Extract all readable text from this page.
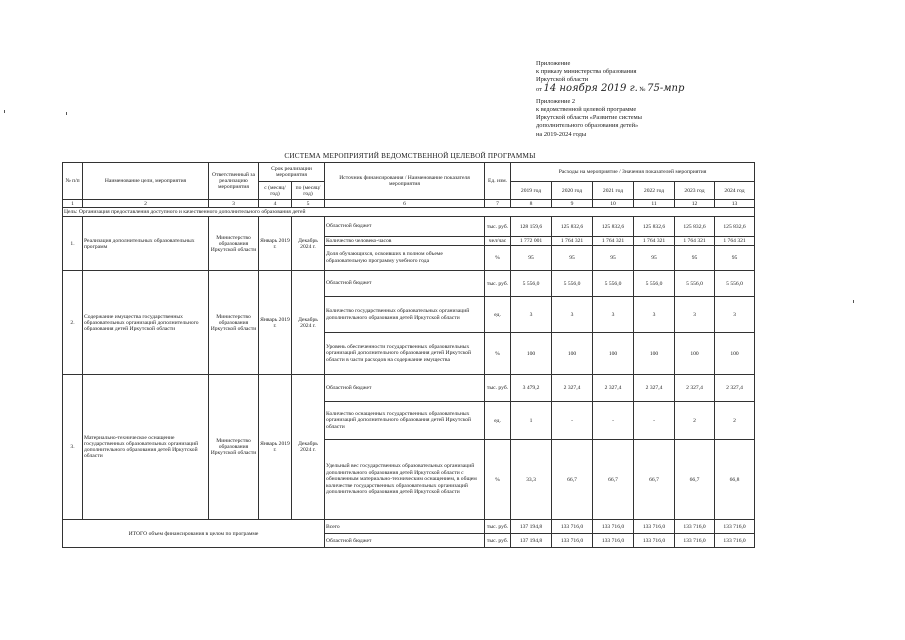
Приложение
к приказу министерства образования
Иркутской области
от 14 ноября 2019 г. № 75-мпр
Приложение 2
к ведомственной целевой программе
Иркутской области «Развитие системы
дополнительного образования детей»
на 2019-2024 годы
СИСТЕМА МЕРОПРИЯТИЙ ВЕДОМСТВЕННОЙ ЦЕЛЕВОЙ ПРОГРАММЫ
№ п/п	Наименование цели, мероприятия	Ответственный за реализацию мероприятия	Срок реализации мероприятия		Источник финансирования / Наименование показателя мероприятия	Ед. изм.	Расходы на мероприятие / Значения показателей мероприятия					
			с (месяц/ год)	по (месяц/ год)			2019 год	2020 год	2021 год	2022 год	2023 год	2024 год

1	2	3	4	5	6	7	8	9	10	11	12	13
Цель: Организация предоставления доступного и качественного дополнительного образования детей												
1.	Реализация дополнительных образовательных программ	Министерство образования Иркутской области	Январь 2019 г.	Декабрь 2024 г.	Областной бюджет	тыс. руб.	128 159,6	125 832,6	125 832,6	125 832,6	125 832,6	125 832,6
					Количество человеко-часов	чел/час	1 772 001	1 764 321	1 764 321	1 764 321	1 764 321	1 764 321
					Доля обучающихся, освоивших в полном объеме образовательную программу учебного года	%	95	95	95	95	95	95
2.	Содержание имущества государственных образовательных организаций дополнительного образования детей Иркутской области	Министерство образования Иркутской области	Январь 2019 г.	Декабрь 2024 г.	Областной бюджет	тыс. руб.	5 556,0	5 556,0	5 556,0	5 556,0	5 556,0	5 556,0
					Количество государственных образовательных организаций дополнительного образования детей Иркутской области	ед.	3	3	3	3	3	3
					Уровень обеспеченности государственных образовательных организаций дополнительного образования детей Иркутской области в части расходов на содержание имущества	%	100	100	100	100	100	100
3.	Материально-техническое оснащение государственных образовательных организаций дополнительного образования детей Иркутской области	Министерство образования Иркутской области	Январь 2019 г.	Декабрь 2024 г.	Областной бюджет	тыс. руб.	3 479,2	2 327,4	2 327,4	2 327,4	2 327,4	2 327,4
					Количество оснащенных государственных образовательных организаций дополнительного образования детей Иркутской области	ед.	1	-	-	-	2	2
					Удельный вес государственных образовательных организаций дополнительного образования детей Иркутской области с обновленным материально-техническим оснащением, в общем количестве государственных образовательных организаций дополнительного образования детей Иркутской области	%	33,3	66,7	66,7	66,7	66,7	66,8
ИТОГО объем финансирования в целом по программе					Всего	тыс. руб.	137 194,8	133 716,0	133 716,0	133 716,0	133 716,0	133 716,0
					Областной бюджет	тыс. руб.	137 194,8	133 716,0	133 716,0	133 716,0	133 716,0	133 716,0
